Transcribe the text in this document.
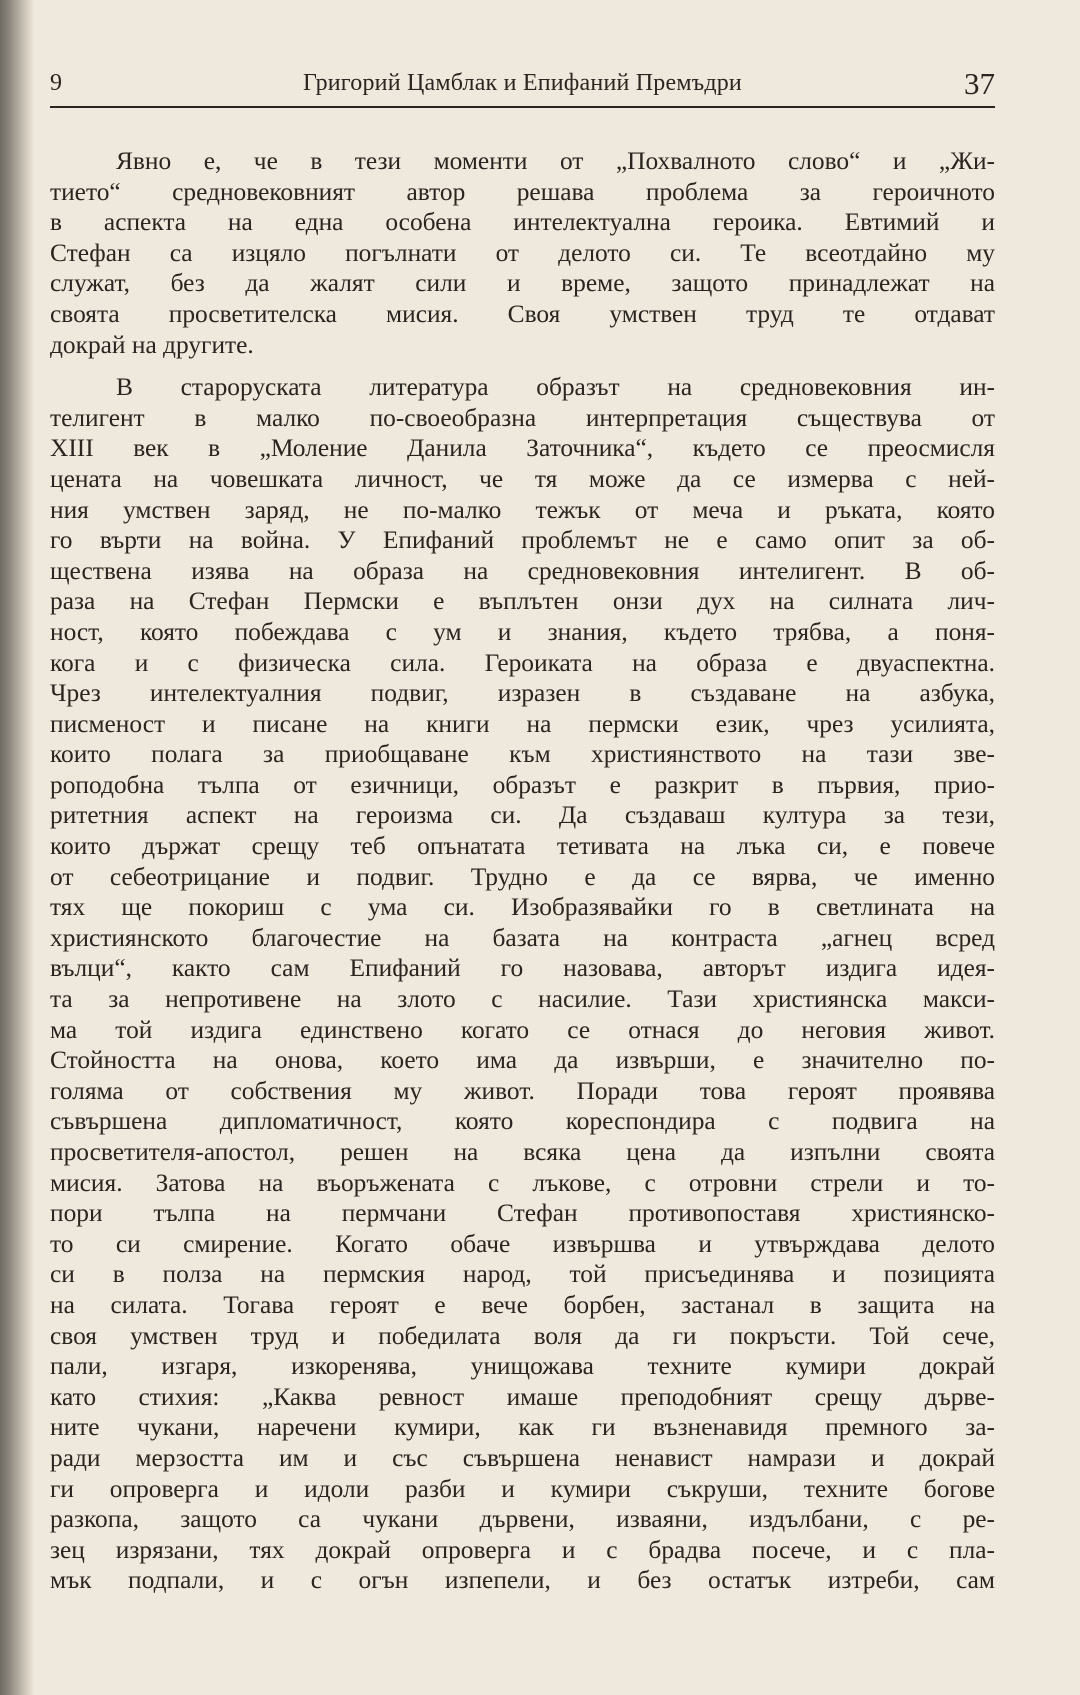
9	Григорий Цамблак и Епифаний Премъдри	37
Явно е, че в тези моменти от „Похвалното слово“ и „Жи-
тието“ средновековният автор решава проблема за героичното
в аспекта на една особена интелектуална героика. Евтимий и
Стефан са изцяло погълнати от делото си. Те всеотдайно му
служат, без да жалят сили и време, защото принадлежат на
своята просветителска мисия. Своя умствен труд те отдават
докрай на другите.
В староруската литература образът на средновековния ин-
телигент в малко по-своеобразна интерпретация съществува от
XIII век в „Моление Данила Заточника“, където се преосмисля
цената на човешката личност, че тя може да се измерва с ней-
ния умствен заряд, не по-малко тежък от меча и ръката, която
го върти на война. У Епифаний проблемът не е само опит за об-
ществена изява на образа на средновековния интелигент. В об-
раза на Стефан Пермски е въплътен онзи дух на силната лич-
ност, която побеждава с ум и знания, където трябва, а поня-
кога и с физическа сила. Героиката на образа е двуаспектна.
Чрез интелектуалния подвиг, изразен в създаване на азбука,
писменост и писане на книги на пермски език, чрез усилията,
които полага за приобщаване към християнството на тази зве-
роподобна тълпа от езичници, образът е разкрит в първия, прио-
ритетния аспект на героизма си. Да създаваш култура за тези,
които държат срещу теб опънатата тетивата на лъка си, е повече
от себеотрицание и подвиг. Трудно е да се вярва, че именно
тях ще покориш с ума си. Изобразявайки го в светлината на
християнското благочестие на базата на контраста „агнец всред
вълци“, както сам Епифаний го назовава, авторът издига идея-
та за непротивене на злото с насилие. Тази християнска макси-
ма той издига единствено когато се отнася до неговия живот.
Стойността на онова, което има да извърши, е значително по-
голяма от собствения му живот. Поради това героят проявява
съвършена дипломатичност, която кореспондира с подвига на
просветителя-апостол, решен на всяка цена да изпълни своята
мисия. Затова на въоръжената с лъкове, с отровни стрели и то-
пори тълпа на пермчани Стефан противопоставя християнско-
то си смирение. Когато обаче извършва и утвърждава делото
си в полза на пермския народ, той присъединява и позицията
на силата. Тогава героят е вече борбен, застанал в защита на
своя умствен труд и победилата воля да ги покръсти. Той сече,
пали, изгаря, изкоренява, унищожава техните кумири докрай
като стихия: „Каква ревност имаше преподобният срещу дърве-
ните чукани, наречени кумири, как ги възненавидя премного за-
ради мерзостта им и със съвършена ненавист намрази и докрай
ги опроверга и идоли разби и кумири съкруши, техните богове
разкопа, защото са чукани дървени, изваяни, издълбани, с ре-
зец изрязани, тях докрай опроверга и с брадва посече, и с пла-
мък подпали, и с огън изпепели, и без остатък изтреби, сам
